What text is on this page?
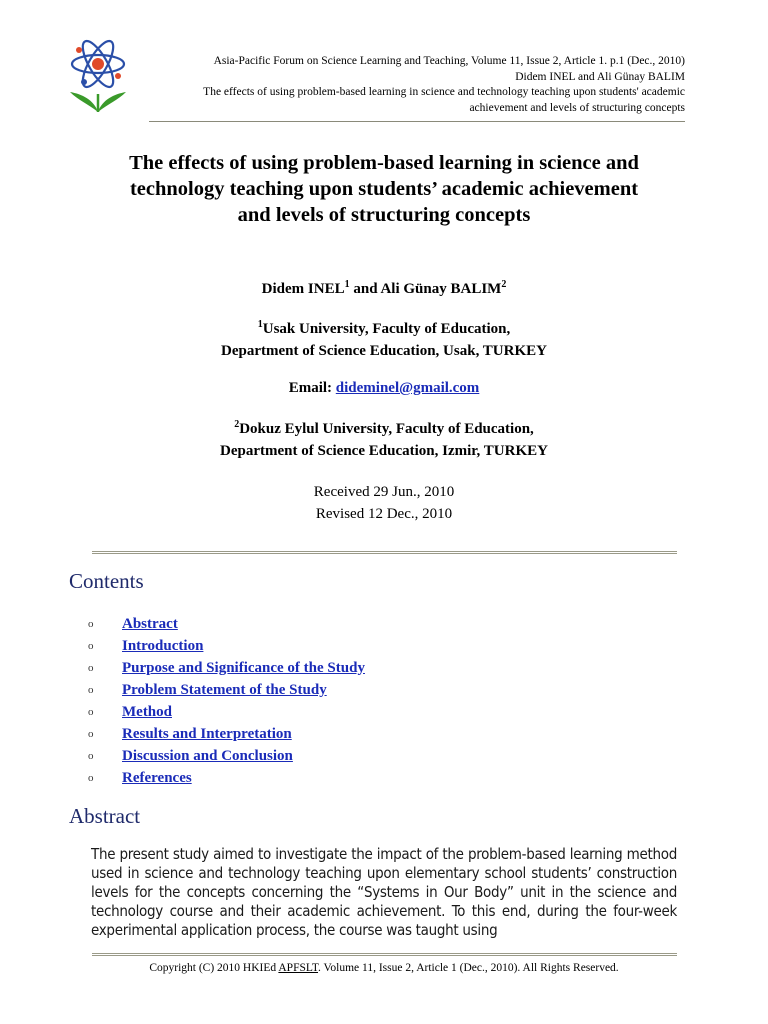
Asia-Pacific Forum on Science Learning and Teaching, Volume 11, Issue 2, Article 1. p.1 (Dec., 2010)
Didem INEL and Ali Günay BALIM
The effects of using problem-based learning in science and technology teaching upon students' academic
achievement and levels of structuring concepts
The effects of using problem-based learning in science and
technology teaching upon students’ academic achievement
and levels of structuring concepts
Didem INEL$^1$ and Ali Günay BALIM$^2$
$^1$Usak University, Faculty of Education,
Department of Science Education, Usak, TURKEY
Email: dideminel@gmail.com
$^2$Dokuz Eylul University, Faculty of Education,
Department of Science Education, Izmir, TURKEY
Received 29 Jun., 2010
Revised 12 Dec., 2010
Contents
o	Abstract
o	Introduction
o	Purpose and Significance of the Study
o	Problem Statement of the Study
o	Method
o	Results and Interpretation
o	Discussion and Conclusion
o	References
Abstract

The present study aimed to investigate the impact of the problem-based learning method used in science and technology teaching upon elementary school students’ construction levels for the concepts concerning the “Systems in Our Body” unit in the science and technology course and their academic achievement. To this end, during the four-week experimental application process, the course was taught using

Copyright (C) 2010 HKIEd APFSLT. Volume 11, Issue 2, Article 1 (Dec., 2010). All Rights Reserved.
